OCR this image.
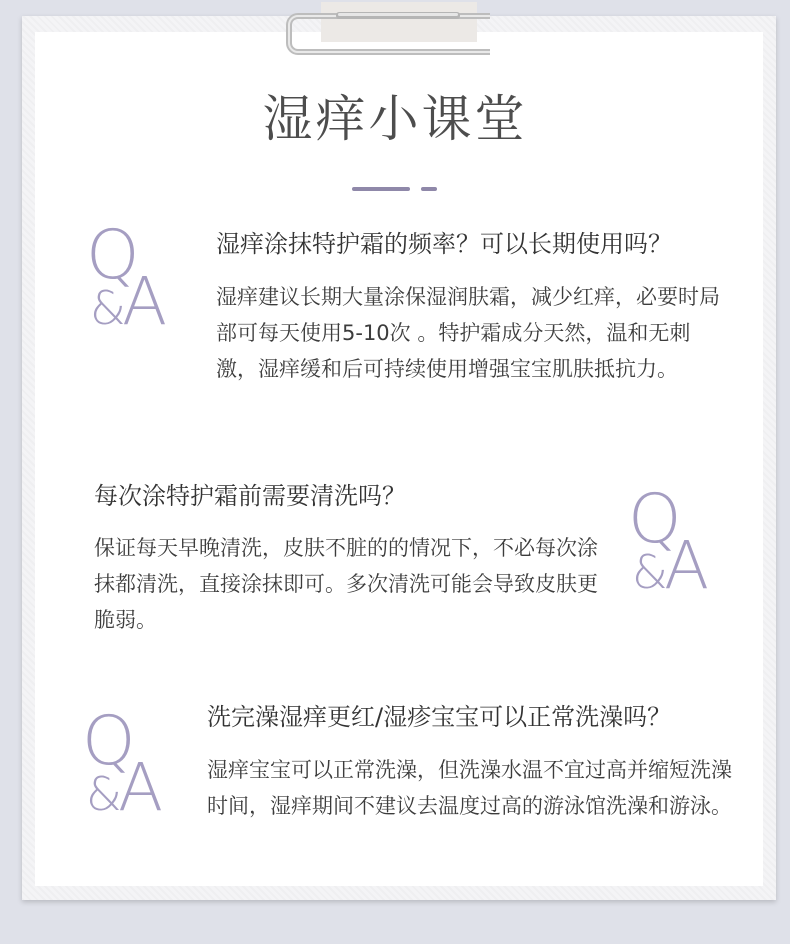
湿痒小课堂
Q
&
A
湿痒涂抹特护霜的频率？可以长期使用吗？

湿痒建议长期大量涂保湿润肤霜，减少红痒，必要时局部可每天使用5-10次 。特护霜成分天然，温和无刺激，湿痒缓和后可持续使用增强宝宝肌肤抵抗力。

每次涂特护霜前需要清洗吗？

保证每天早晚清洗，皮肤不脏的的情况下，不必每次涂抹都清洗，直接涂抹即可。多次清洗可能会导致皮肤更脆弱。

Q
&
A
Q
&
A
洗完澡湿痒更红/湿疹宝宝可以正常洗澡吗？

湿痒宝宝可以正常洗澡，但洗澡水温不宜过高并缩短洗澡时间，湿痒期间不建议去温度过高的游泳馆洗澡和游泳。
